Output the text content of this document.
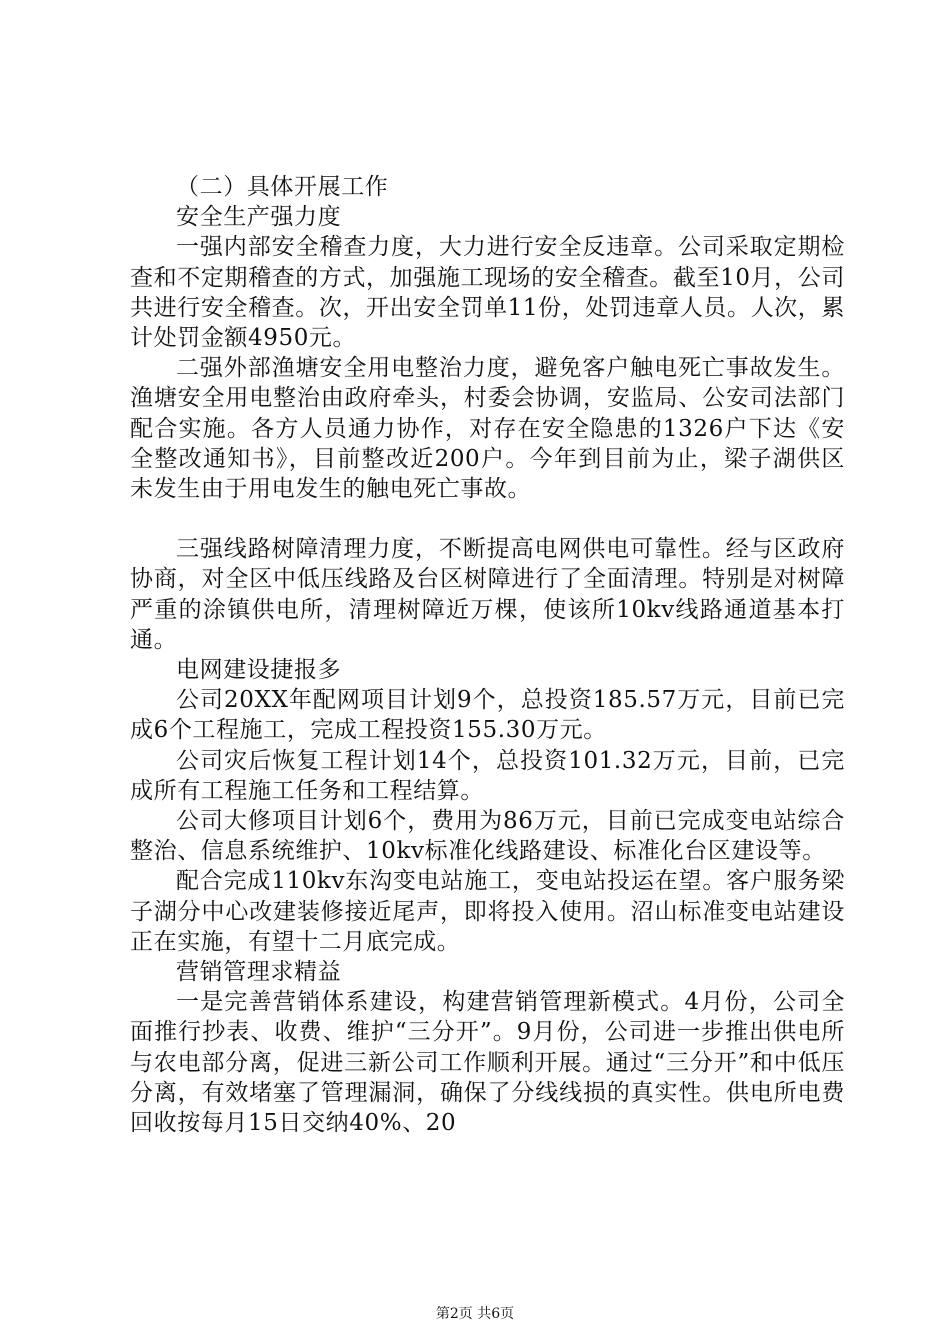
（二）具体开展工作

安全生产强力度

一强内部安全稽查力度，大力进行安全反违章。公司采取定期检查和不定期稽查的方式，加强施工现场的安全稽查。截至10月，公司共进行安全稽查。次，开出安全罚单11份，处罚违章人员。人次，累计处罚金额4950元。

二强外部渔塘安全用电整治力度，避免客户触电死亡事故发生。渔塘安全用电整治由政府牵头，村委会协调，安监局、公安司法部门配合实施。各方人员通力协作，对存在安全隐患的1326户下达《安全整改通知书》，目前整改近200户。今年到目前为止，梁子湖供区未发生由于用电发生的触电死亡事故。

三强线路树障清理力度，不断提高电网供电可靠性。经与区政府协商，对全区中低压线路及台区树障进行了全面清理。特别是对树障严重的涂镇供电所，清理树障近万棵，使该所10kv线路通道基本打通。

电网建设捷报多

公司20XX年配网项目计划9个，总投资185.57万元，目前已完成6个工程施工，完成工程投资155.30万元。

公司灾后恢复工程计划14个，总投资101.32万元，目前，已完成所有工程施工任务和工程结算。

公司大修项目计划6个，费用为86万元，目前已完成变电站综合整治、信息系统维护、10kv标准化线路建设、标准化台区建设等。

配合完成110kv东沟变电站施工，变电站投运在望。客户服务梁子湖分中心改建装修接近尾声，即将投入使用。沼山标准变电站建设正在实施，有望十二月底完成。

营销管理求精益

一是完善营销体系建设，构建营销管理新模式。4月份，公司全面推行抄表、收费、维护“三分开”。9月份，公司进一步推出供电所与农电部分离，促进三新公司工作顺利开展。通过“三分开”和中低压分离，有效堵塞了管理漏洞，确保了分线线损的真实性。供电所电费回收按每月15日交纳40%、20

第2页 共6页
